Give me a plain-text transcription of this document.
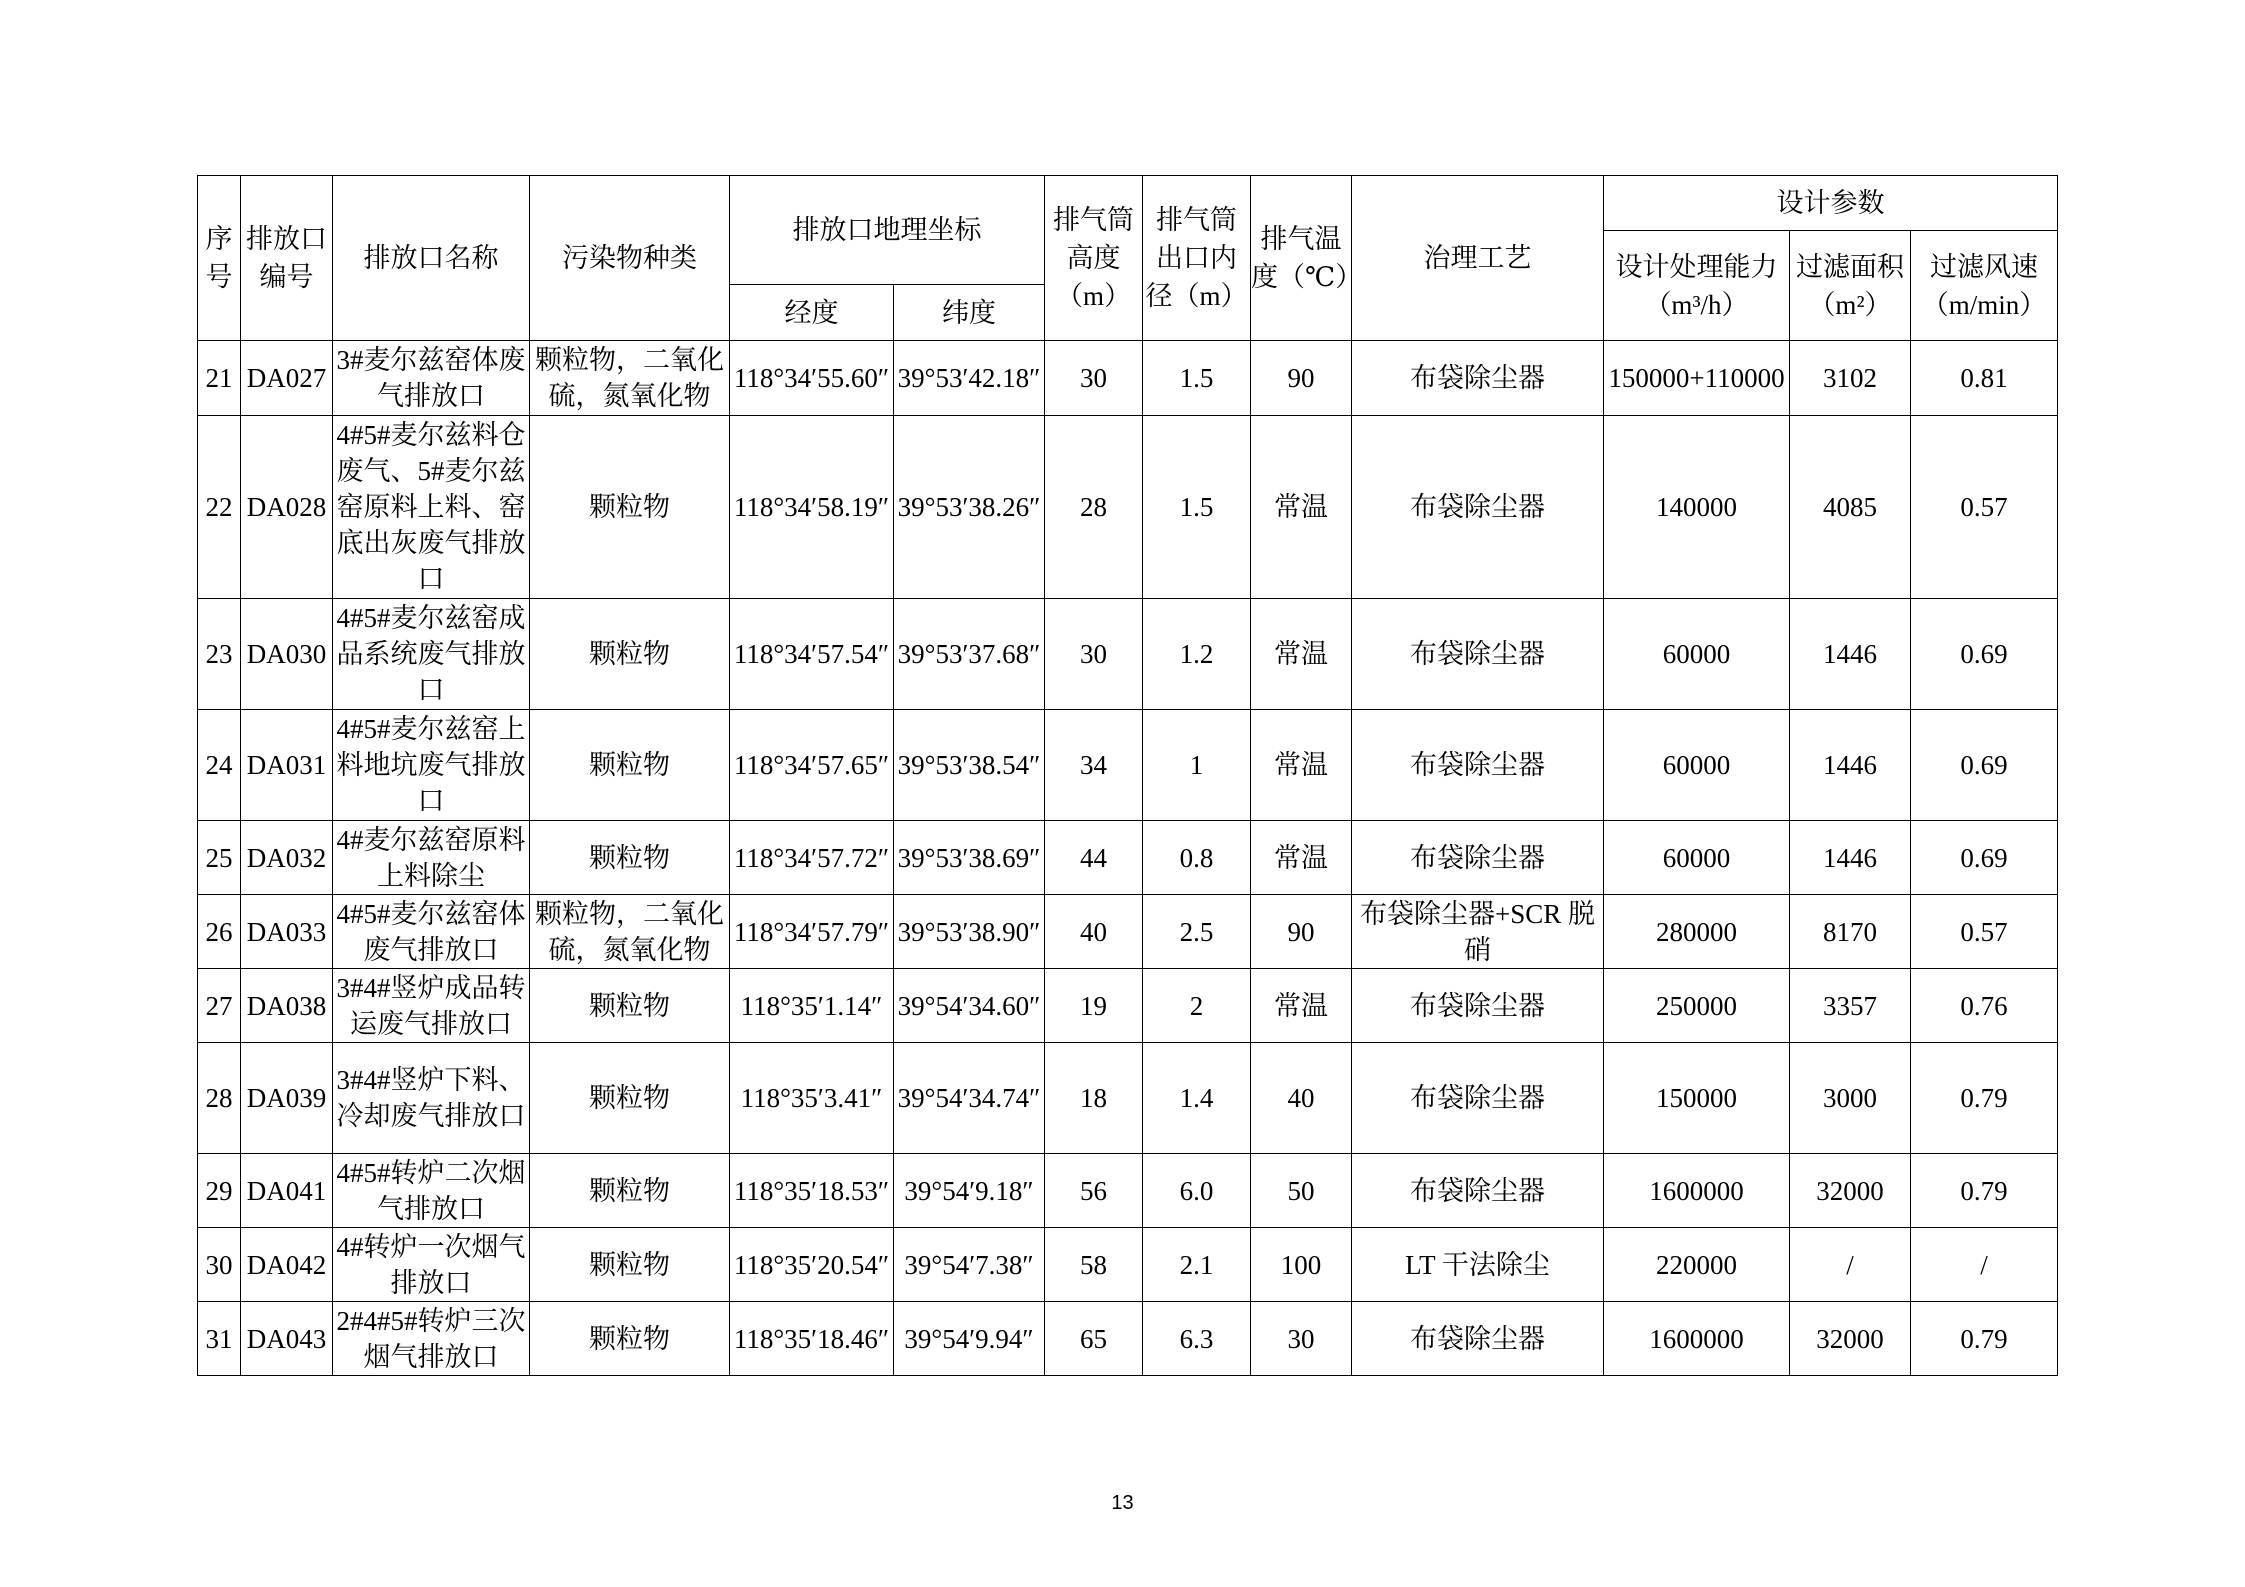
序号	排放口编号	排放口名称	污染物种类	排放口地理坐标		排气筒高度（m）	排气筒出口内径（m）	排气温度（℃）	治理工艺	设计参数		
										设计处理能力（m³/h）	过滤面积（m²）	过滤风速（m/min）
				经度	纬度							
21	DA027	3#麦尔兹窑体废气排放口	颗粒物，二氧化硫，氮氧化物	118°34′55.60″	39°53′42.18″	30	1.5	90	布袋除尘器	150000+110000	3102	0.81
22	DA028	4#5#麦尔兹料仓废气、5#麦尔兹窑原料上料、窑底出灰废气排放口	颗粒物	118°34′58.19″	39°53′38.26″	28	1.5	常温	布袋除尘器	140000	4085	0.57
23	DA030	4#5#麦尔兹窑成品系统废气排放口	颗粒物	118°34′57.54″	39°53′37.68″	30	1.2	常温	布袋除尘器	60000	1446	0.69
24	DA031	4#5#麦尔兹窑上料地坑废气排放口	颗粒物	118°34′57.65″	39°53′38.54″	34	1	常温	布袋除尘器	60000	1446	0.69
25	DA032	4#麦尔兹窑原料上料除尘	颗粒物	118°34′57.72″	39°53′38.69″	44	0.8	常温	布袋除尘器	60000	1446	0.69
26	DA033	4#5#麦尔兹窑体废气排放口	颗粒物，二氧化硫，氮氧化物	118°34′57.79″	39°53′38.90″	40	2.5	90	布袋除尘器+SCR 脱硝	280000	8170	0.57
27	DA038	3#4#竖炉成品转运废气排放口	颗粒物	118°35′1.14″	39°54′34.60″	19	2	常温	布袋除尘器	250000	3357	0.76
28	DA039	3#4#竖炉下料、冷却废气排放口	颗粒物	118°35′3.41″	39°54′34.74″	18	1.4	40	布袋除尘器	150000	3000	0.79
29	DA041	4#5#转炉二次烟气排放口	颗粒物	118°35′18.53″	39°54′9.18″	56	6.0	50	布袋除尘器	1600000	32000	0.79
30	DA042	4#转炉一次烟气排放口	颗粒物	118°35′20.54″	39°54′7.38″	58	2.1	100	LT 干法除尘	220000	/	/
31	DA043	2#4#5#转炉三次烟气排放口	颗粒物	118°35′18.46″	39°54′9.94″	65	6.3	30	布袋除尘器	1600000	32000	0.79
13
